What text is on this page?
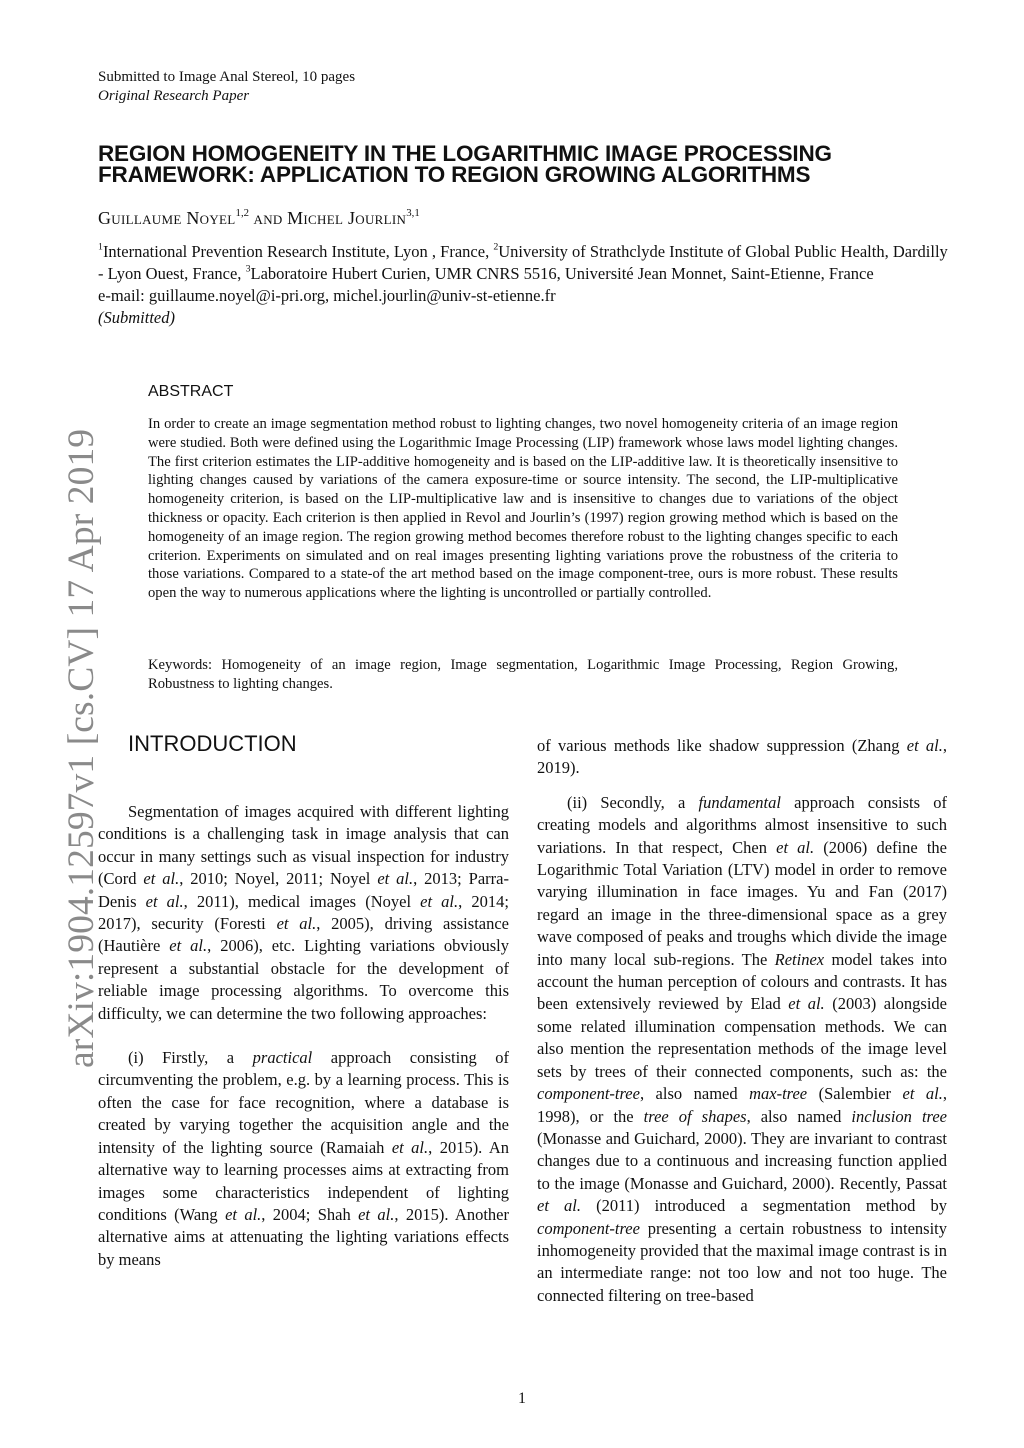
Submitted to Image Anal Stereol, 10 pages
Original Research Paper
REGION HOMOGENEITY IN THE LOGARITHMIC IMAGE PROCESSING
FRAMEWORK: APPLICATION TO REGION GROWING ALGORITHMS
Guillaume Noyel$^{1,2}$ and Michel Jourlin$^{3,1}$
$^1$International Prevention Research Institute, Lyon , France, $^2$University of Strathclyde Institute of Global Public Health, Dardilly - Lyon Ouest, France, $^3$Laboratoire Hubert Curien, UMR CNRS 5516, Université Jean Monnet, Saint-Etienne, France
e-mail: guillaume.noyel@i-pri.org, michel.jourlin@univ-st-etienne.fr
(Submitted)
ABSTRACT
In order to create an image segmentation method robust to lighting changes, two novel homogeneity criteria of an image region were studied. Both were defined using the Logarithmic Image Processing (LIP) framework whose laws model lighting changes. The first criterion estimates the LIP-additive homogeneity and is based on the LIP-additive law. It is theoretically insensitive to lighting changes caused by variations of the camera exposure-time or source intensity. The second, the LIP-multiplicative homogeneity criterion, is based on the LIP-multiplicative law and is insensitive to changes due to variations of the object thickness or opacity. Each criterion is then applied in Revol and Jourlin’s (1997) region growing method which is based on the homogeneity of an image region. The region growing method becomes therefore robust to the lighting changes specific to each criterion. Experiments on simulated and on real images presenting lighting variations prove the robustness of the criteria to those variations. Compared to a state-of the art method based on the image component-tree, ours is more robust. These results open the way to numerous applications where the lighting is uncontrolled or partially controlled.
Keywords: Homogeneity of an image region, Image segmentation, Logarithmic Image Processing, Region Growing, Robustness to lighting changes.
INTRODUCTION

Segmentation of images acquired with different lighting conditions is a challenging task in image analysis that can occur in many settings such as visual inspection for industry (Cord et al., 2010; Noyel, 2011; Noyel et al., 2013; Parra-Denis et al., 2011), medical images (Noyel et al., 2014; 2017), security (Foresti et al., 2005), driving assistance (Hautière et al., 2006), etc. Lighting variations obviously represent a substantial obstacle for the development of reliable image processing algorithms. To overcome this difficulty, we can determine the two following approaches:

(i) Firstly, a practical approach consisting of circumventing the problem, e.g. by a learning process. This is often the case for face recognition, where a database is created by varying together the acquisition angle and the intensity of the lighting source (Ramaiah et al., 2015). An alternative way to learning processes aims at extracting from images some characteristics independent of lighting conditions (Wang et al., 2004; Shah et al., 2015). Another alternative aims at attenuating the lighting variations effects by means

of various methods like shadow suppression (Zhang et al., 2019).

(ii) Secondly, a fundamental approach consists of creating models and algorithms almost insensitive to such variations. In that respect, Chen et al. (2006) define the Logarithmic Total Variation (LTV) model in order to remove varying illumination in face images. Yu and Fan (2017) regard an image in the three-dimensional space as a grey wave composed of peaks and troughs which divide the image into many local sub-regions. The Retinex model takes into account the human perception of colours and contrasts. It has been extensively reviewed by Elad et al. (2003) alongside some related illumination compensation methods. We can also mention the representation methods of the image level sets by trees of their connected components, such as: the component-tree, also named max-tree (Salembier et al., 1998), or the tree of shapes, also named inclusion tree (Monasse and Guichard, 2000). They are invariant to contrast changes due to a continuous and increasing function applied to the image (Monasse and Guichard, 2000). Recently, Passat et al. (2011) introduced a segmentation method by component-tree presenting a certain robustness to intensity inhomogeneity provided that the maximal image contrast is in an intermediate range: not too low and not too huge. The connected filtering on tree-based

arXiv:1904.12597v1 [cs.CV] 17 Apr 2019
1
